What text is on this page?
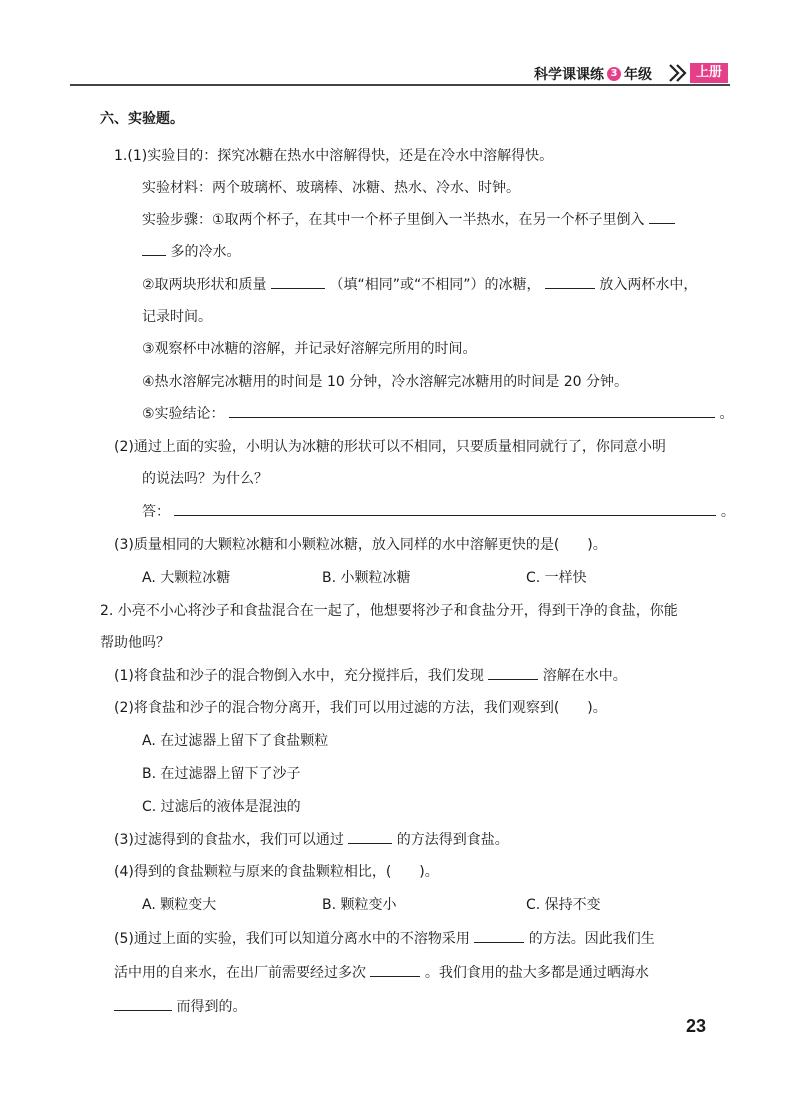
科学课课练 3 年级	上册
六、实验题。
1.(1)实验目的：探究冰糖在热水中溶解得快，还是在冷水中溶解得快。
实验材料：两个玻璃杯、玻璃棒、冰糖、热水、冷水、时钟。
实验步骤：①取两个杯子，在其中一个杯子里倒入一半热水，在另一个杯子里倒入
多的冷水。
②取两块形状和质量	（填“相同”或“不相同”）的冰糖，	放入两杯水中，
记录时间。
③观察杯中冰糖的溶解，并记录好溶解完所用的时间。
④热水溶解完冰糖用的时间是 10 分钟，冷水溶解完冰糖用的时间是 20 分钟。
⑤实验结论：	。
(2)通过上面的实验，小明认为冰糖的形状可以不相同，只要质量相同就行了，你同意小明
的说法吗？为什么？
答：	。
(3)质量相同的大颗粒冰糖和小颗粒冰糖，放入同样的水中溶解更快的是(　　)。
A. 大颗粒冰糖	B. 小颗粒冰糖	C. 一样快
2. 小亮不小心将沙子和食盐混合在一起了，他想要将沙子和食盐分开，得到干净的食盐，你能
帮助他吗？
(1)将食盐和沙子的混合物倒入水中，充分搅拌后，我们发现	溶解在水中。
(2)将食盐和沙子的混合物分离开，我们可以用过滤的方法，我们观察到(　　)。
A. 在过滤器上留下了食盐颗粒
B. 在过滤器上留下了沙子
C. 过滤后的液体是混浊的
(3)过滤得到的食盐水，我们可以通过	的方法得到食盐。
(4)得到的食盐颗粒与原来的食盐颗粒相比，(　　)。
A. 颗粒变大	B. 颗粒变小	C. 保持不变
(5)通过上面的实验，我们可以知道分离水中的不溶物采用	的方法。因此我们生
活中用的自来水，在出厂前需要经过多次	。我们食用的盐大多都是通过晒海水
而得到的。
23
